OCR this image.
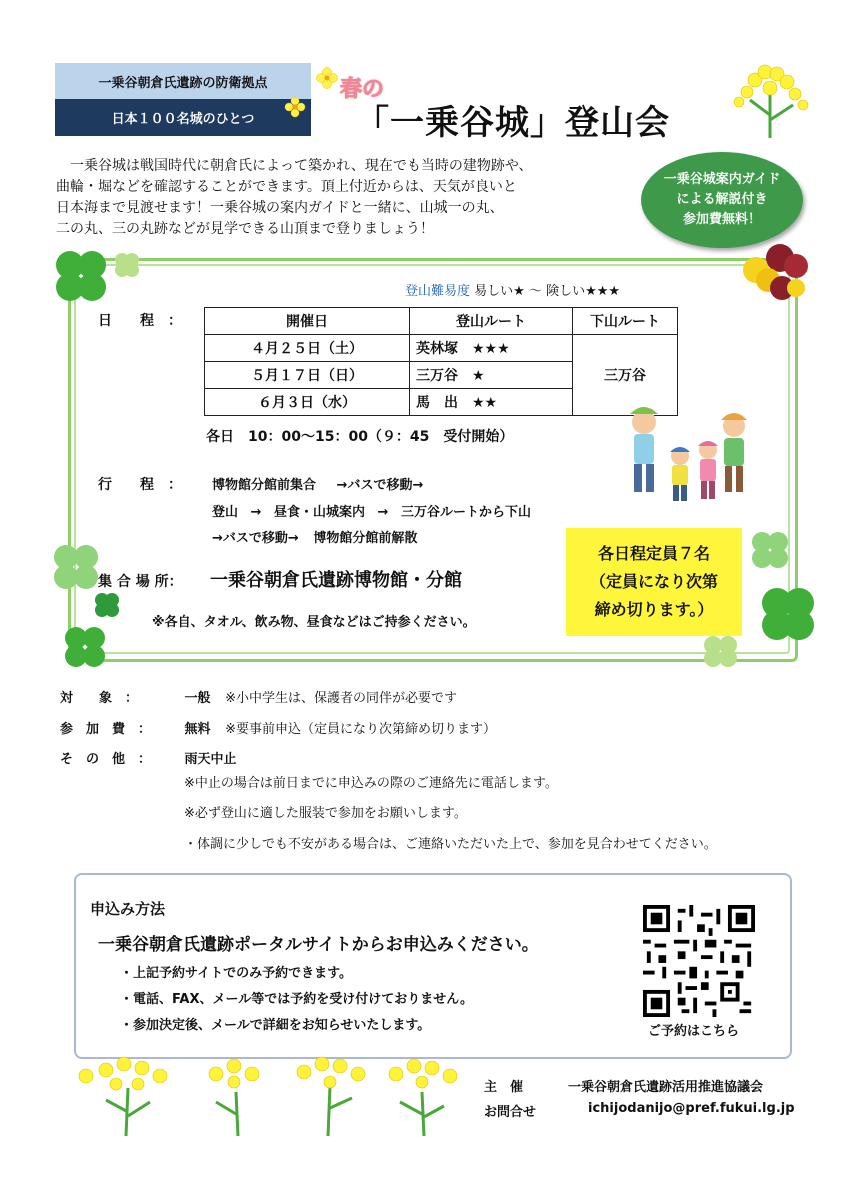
一乗谷朝倉氏遺跡の防衛拠点
日本１００名城のひとつ
春の
「一乗谷城」登山会
　一乗谷城は戦国時代に朝倉氏によって築かれ、現在でも当時の建物跡や、
曲輪・堀などを確認することができます。頂上付近からは、天気が良いと
日本海まで見渡せます！一乗谷城の案内ガイドと一緒に、山城一の丸、
二の丸、三の丸跡などが見学できる山頂まで登りましょう！
一乗谷城案内ガイド
による解説付き
参加費無料！
登山難易度 易しい★ 〜 険しい★★★
日　　程　：	開催日	登山ルート	下山ルート
４月２５日（土）	英林塚　★★★	三万谷
５月１７日（日）	三万谷　★	
６月３日（水）	馬　出　★★	
各日　10：00〜15：00（９：45　受付開始）
行　　程　： 博物館分館前集合 →バスで移動→
登山 → 昼食・山城案内 → 三万谷ルートから下山
→バスで移動→ 博物館分館前解散
集 合 場 所： 一乗谷朝倉氏遺跡博物館・分館
※各自、タオル、飲み物、昼食などはご持参ください。
各日程定員７名
（定員になり次第
締め切ります。）
対　　象　：	一般 ※小中学生は、保護者の同伴が必要です
参　加　費　：	無料 ※要事前申込（定員になり次第締め切ります）
そ　の　他　：	雨天中止
※中止の場合は前日までに申込みの際のご連絡先に電話します。
※必ず登山に適した服装で参加をお願いします。
・体調に少しでも不安がある場合は、ご連絡いただいた上で、参加を見合わせてください。
申込み方法
一乗谷朝倉氏遺跡ポータルサイトからお申込みください。
・上記予約サイトでのみ予約できます。
・電話、FAX、メール等では予約を受け付けておりません。
・参加決定後、メールで詳細をお知らせいたします。	ご予約はこちら
主　催	一乗谷朝倉氏遺跡活用推進協議会
お問合せ	ichijodanijo@pref.fukui.lg.jp
